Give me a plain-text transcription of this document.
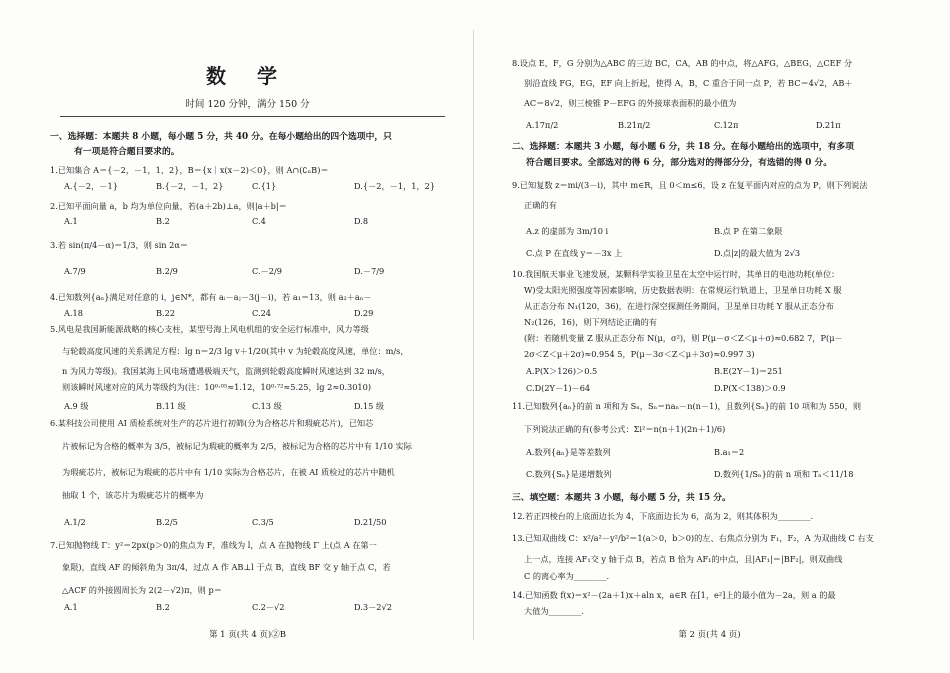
数 学
时间 120 分钟，满分 150 分
一、选择题：本题共 8 小题，每小题 5 分，共 40 分。在每小题给出的四个选项中，只
有一项是符合题目要求的。
1.已知集合 A＝{－2，－1，1，2}，B＝{x｜x(x－2)＜0}，则 A∩(∁ₙB)＝
A.{－2，－1}	B.{－2，－1，2}	C.{1}	D.{－2，－1，1，2}
2.已知平面向量 a，b 均为单位向量，若(a＋2b)⊥a，则|a＋b|＝
A.1	B.2	C.4	D.8
3.若 sin(π/4－α)＝1/3，则 sin 2α＝
A.7/9	B.2/9	C.－2/9	D.－7/9
4.已知数列{aₙ}满足对任意的 i，j∈N*，都有 aᵢ－aⱼ－3(j－i)，若 a₁＝13，则 a₂＋aₙ－
A.18	B.22	C.24	D.29
5.风电是我国新能源战略的核心支柱，某型号海上风电机组的安全运行标准中，风力等级
与轮毂高度风速的关系满足方程：lg n＝2/3 lg v＋1/20(其中 v 为轮毂高度风速，单位：m/s，
n 为风力等级)。我国某海上风电场遭遇极端天气，监测到轮毂高度瞬时风速达到 32 m/s，
则该瞬时风速对应的风力等级约为(注：10⁰·⁰⁵≈1.12，10⁰·⁷²≈5.25，lg 2≈0.3010)
A.9 级	B.11 级	C.13 级	D.15 级
6.某科技公司使用 AI 质检系统对生产的芯片进行初筛(分为合格芯片和瑕疵芯片)，已知芯
片被标记为合格的概率为 3/5，被标记为瑕疵的概率为 2/5，被标记为合格的芯片中有 1/10 实际
为瑕疵芯片，被标记为瑕疵的芯片中有 1/10 实际为合格芯片，在被 AI 质检过的芯片中随机
抽取 1 个，该芯片为瑕疵芯片的概率为
A.1/2	B.2/5	C.3/5	D.21/50
7.已知抛物线 Γ：y²＝2px(p＞0)的焦点为 F，准线为 l，点 A 在抛物线 Γ 上(点 A 在第一
象限)，直线 AF 的倾斜角为 3π/4，过点 A 作 AB⊥l 于点 B，直线 BF 交 y 轴于点 C，若
△ACF 的外接圆周长为 2(2－√2)π，则 p＝
A.1	B.2	C.2－√2	D.3－2√2
第 1 页(共 4 页)②B
8.设点 E，F，G 分别为△ABC 的三边 BC，CA，AB 的中点，将△AFG，△BEG，△CEF 分
别沿直线 FG，EG，EF 向上折起，使得 A，B，C 重合于同一点 P，若 BC＝4√2，AB＋
AC＝8√2，则三棱锥 P－EFG 的外接球表面积的最小值为
A.17π/2	B.21π/2	C.12π	D.21π
二、选择题：本题共 3 小题，每小题 6 分，共 18 分。在每小题给出的选项中，有多项
符合题目要求。全部选对的得 6 分，部分选对的得部分分，有选错的得 0 分。
9.已知复数 z＝mi/(3－i)，其中 m∈R，且 0＜m≤6，设 z 在复平面内对应的点为 P，则下列说法
正确的有
A.z 的虚部为 3m/10 i	B.点 P 在第二象限
C.点 P 在直线 y＝－3x 上	D.点|z|的最大值为 2√3
10.我国航天事业飞速发展，某颗科学实验卫星在太空中运行时，其单日的电池功耗(单位：
W)受太阳光照强度等因素影响，历史数据表明：在常规运行轨道上，卫星单日功耗 X 服
从正态分布 N₁(120，36)，在进行深空探测任务期间，卫星单日功耗 Y 服从正态分布
N₂(126，16)，则下列结论正确的有
(附：若随机变量 Z 服从正态分布 N(μ，σ²)，则 P(μ－σ＜Z＜μ＋σ)≈0.682 7，P(μ－
2σ＜Z＜μ＋2σ)≈0.954 5，P(μ－3σ＜Z＜μ＋3σ)≈0.997 3)
A.P(X＞126)＞0.5	B.E(2Y－1)＝251
C.D(2Y－1)－64	D.P(X＜138)＞0.9
11.已知数列{aₙ}的前 n 项和为 Sₙ，Sₙ＝naₙ－n(n－1)，且数列{Sₙ}的前 10 项和为 550，则
下列说法正确的有(参考公式：Σi²＝n(n＋1)(2n＋1)/6)
A.数列{aₙ}是等差数列	B.a₁＝2
C.数列{Sₙ}是递增数列	D.数列{1/Sₙ}的前 n 项和 Tₙ＜11/18
三、填空题：本题共 3 小题，每小题 5 分，共 15 分。
12.若正四棱台的上底面边长为 4，下底面边长为 6，高为 2，则其体积为________.
13.已知双曲线 C：x²/a²－y²/b²＝1(a＞0，b＞0)的左、右焦点分别为 F₁，F₂，A 为双曲线 C 右支
上一点，连接 AF₁交 y 轴于点 B，若点 B 恰为 AF₁的中点，且|AF₁|＝|BF₂|，则双曲线
C 的离心率为________.
14.已知函数 f(x)＝x²－(2a＋1)x＋aln x，a∈R 在[1，e²]上的最小值为－2a，则 a 的最
大值为________.
第 2 页(共 4 页)
